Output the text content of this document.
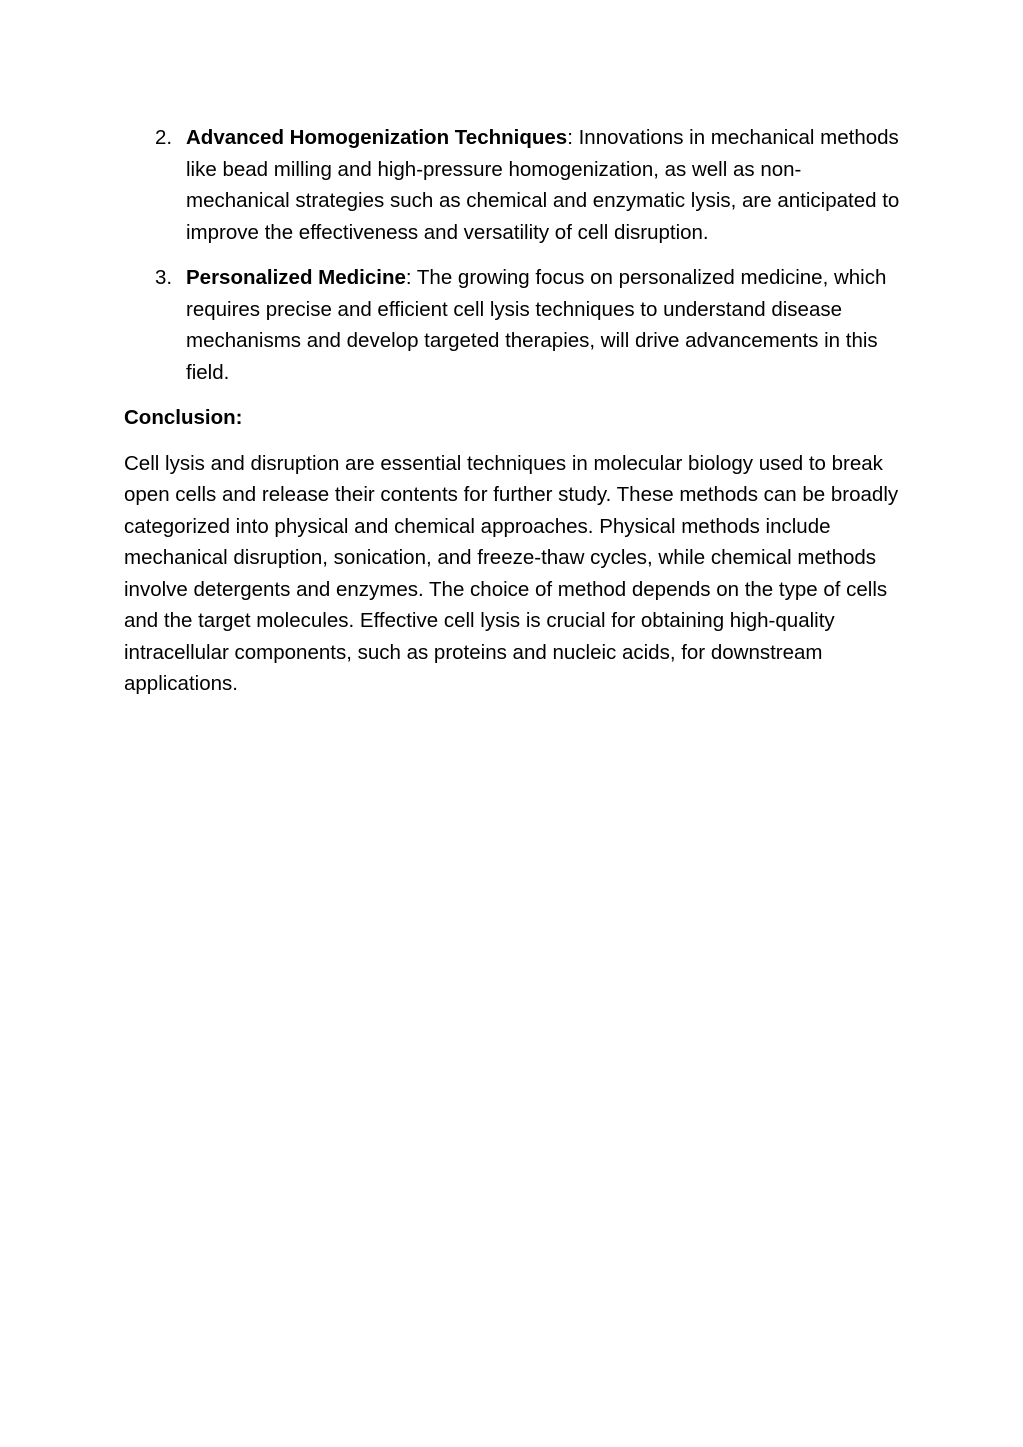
2. Advanced Homogenization Techniques: Innovations in mechanical methods like bead milling and high-pressure homogenization, as well as non-mechanical strategies such as chemical and enzymatic lysis, are anticipated to improve the effectiveness and versatility of cell disruption.
3. Personalized Medicine: The growing focus on personalized medicine, which requires precise and efficient cell lysis techniques to understand disease mechanisms and develop targeted therapies, will drive advancements in this field.
Conclusion:

Cell lysis and disruption are essential techniques in molecular biology used to break open cells and release their contents for further study. These methods can be broadly categorized into physical and chemical approaches. Physical methods include mechanical disruption, sonication, and freeze-thaw cycles, while chemical methods involve detergents and enzymes. The choice of method depends on the type of cells and the target molecules. Effective cell lysis is crucial for obtaining high-quality intracellular components, such as proteins and nucleic acids, for downstream applications.
